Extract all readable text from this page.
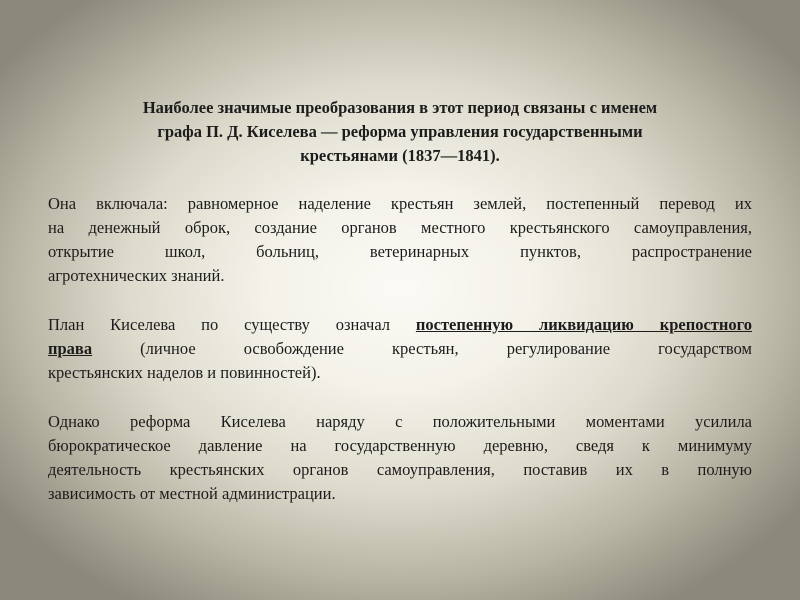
Наиболее значимые преобразования в этот период связаны с именем
графа П. Д. Киселева — реформа управления государственными
крестьянами (1837—1841).
Она включала: равномерное наделение крестьян землей, постепенный перевод их
на денежный оброк, создание органов местного крестьянского самоуправления,
открытие школ, больниц, ветеринарных пунктов, распространение
агротехнических знаний.
План Киселева по существу означал постепенную ликвидацию крепостного
права (личное освобождение крестьян, регулирование государством
крестьянских наделов и повинностей).
Однако реформа Киселева наряду с положительными моментами усилила
бюрократическое давление на государственную деревню, сведя к минимуму
деятельность крестьянских органов самоуправления, поставив их в полную
зависимость от местной администрации.
